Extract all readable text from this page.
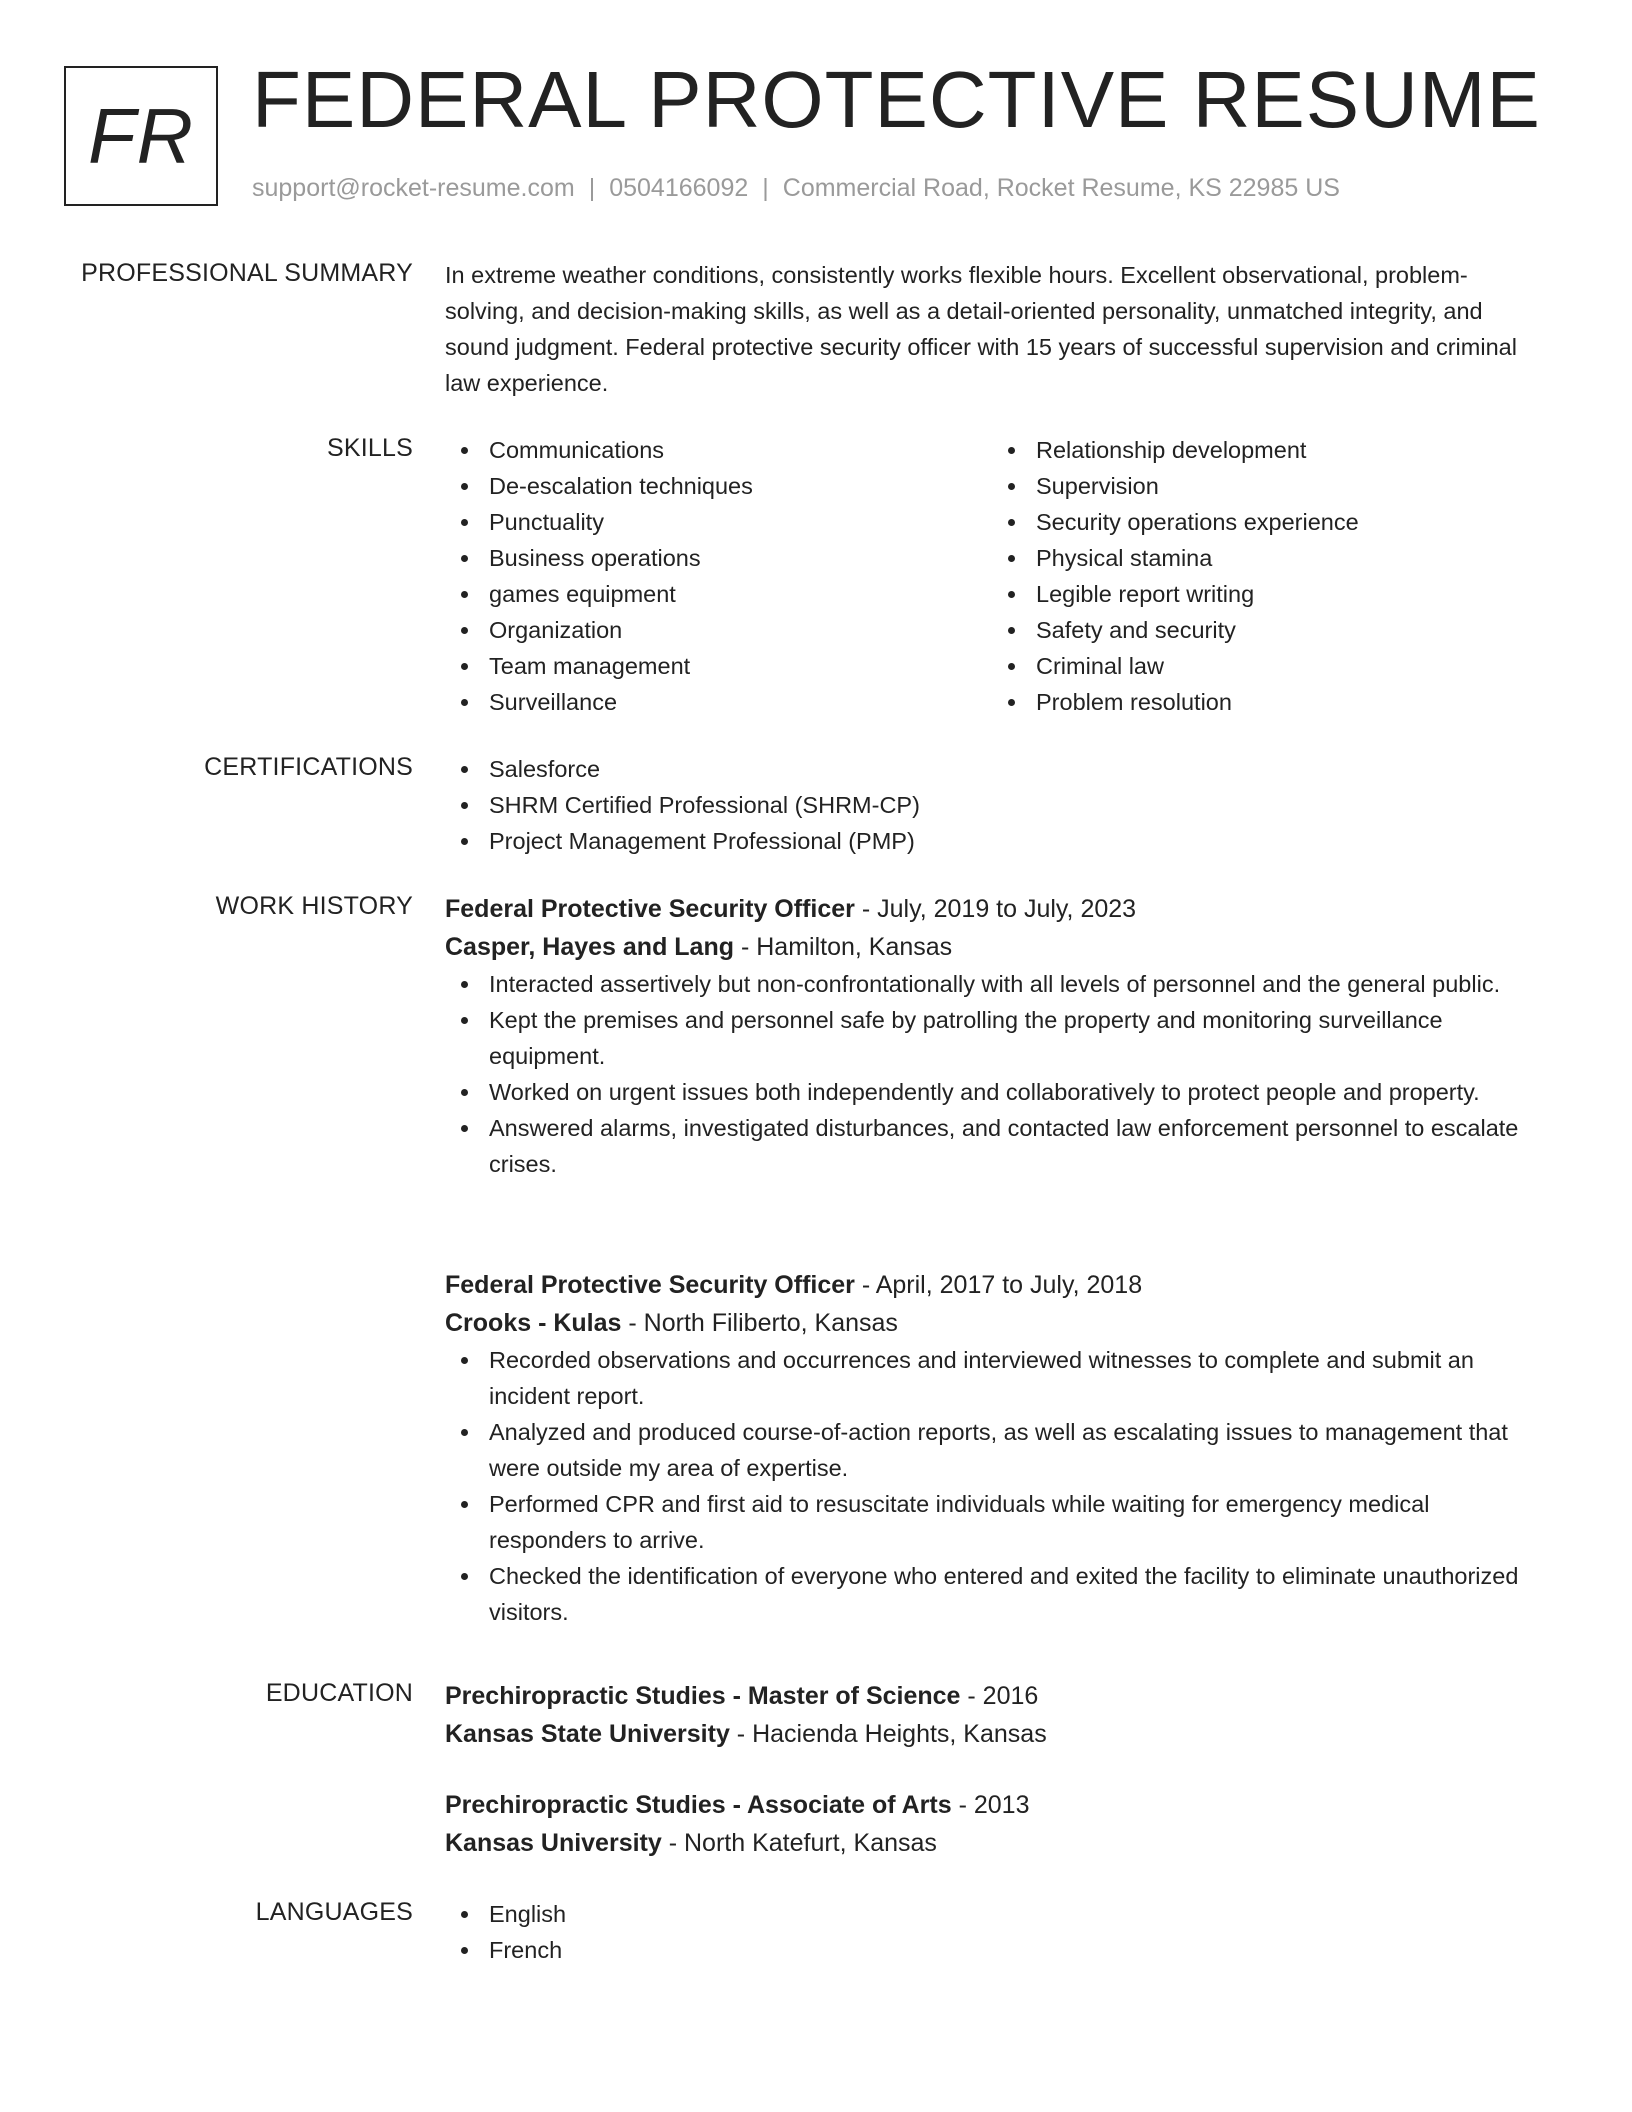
FR FEDERAL PROTECTIVE RESUME
support@rocket-resume.com | 0504166092 | Commercial Road, Rocket Resume, KS 22985 US
PROFESSIONAL SUMMARY In extreme weather conditions, consistently works flexible hours. Excellent observational, problem-solving, and decision-making skills, as well as a detail-oriented personality, unmatched integrity, and sound judgment. Federal protective security officer with 15 years of successful supervision and criminal law experience.

SKILLS	Communications
De-escalation techniques
Punctuality
Business operations
games equipment
Organization
Team management
Surveillance
Relationship development
Supervision
Security operations experience
Physical stamina
Legible report writing
Safety and security
Criminal law
Problem resolution
CERTIFICATIONS	Salesforce
SHRM Certified Professional (SHRM-CP)
Project Management Professional (PMP)
WORK HISTORY Federal Protective Security Officer - July, 2019 to July, 2023
Casper, Hayes and Lang - Hamilton, Kansas
Interacted assertively but non-confrontationally with all levels of personnel and the general public.
Kept the premises and personnel safe by patrolling the property and monitoring surveillance equipment.
Worked on urgent issues both independently and collaboratively to protect people and property.
Answered alarms, investigated disturbances, and contacted law enforcement personnel to escalate crises.
Federal Protective Security Officer - April, 2017 to July, 2018
Crooks - Kulas - North Filiberto, Kansas
Recorded observations and occurrences and interviewed witnesses to complete and submit an incident report.
Analyzed and produced course-of-action reports, as well as escalating issues to management that were outside my area of expertise.
Performed CPR and first aid to resuscitate individuals while waiting for emergency medical responders to arrive.
Checked the identification of everyone who entered and exited the facility to eliminate unauthorized visitors.
EDUCATION Prechiropractic Studies - Master of Science - 2016
Kansas State University - Hacienda Heights, Kansas
Prechiropractic Studies - Associate of Arts - 2013
Kansas University - North Katefurt, Kansas
LANGUAGES	English
French
